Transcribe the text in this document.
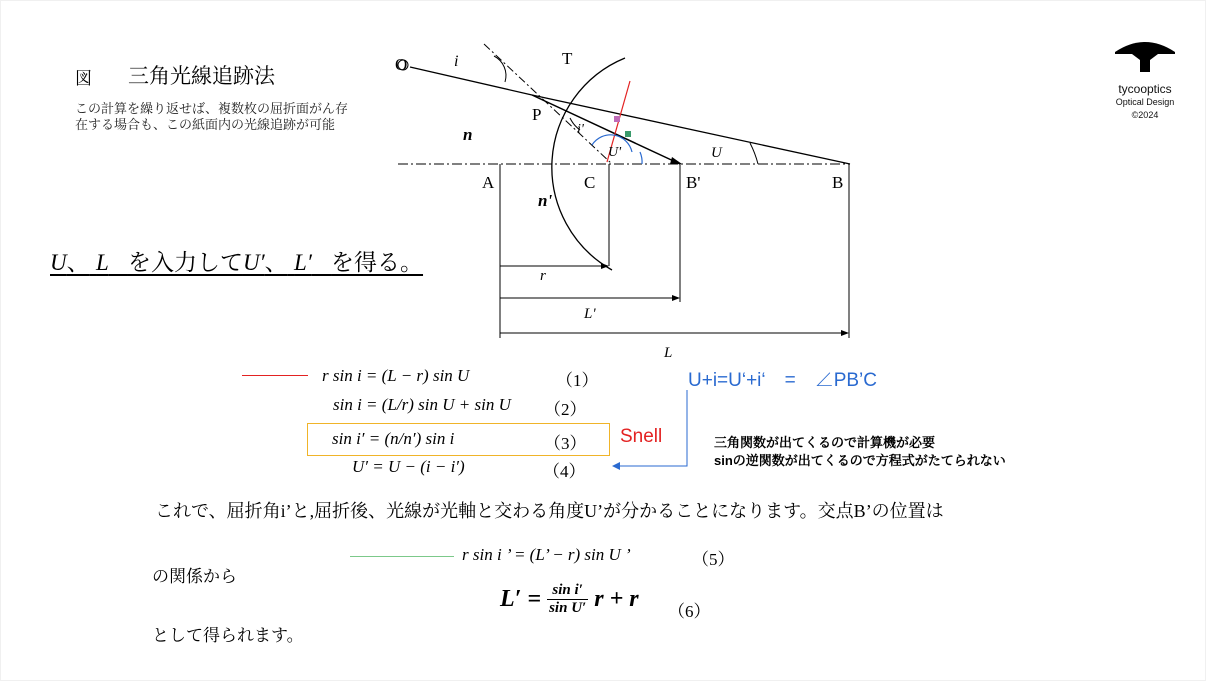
図 三角光線追跡法
この計算を繰り返せば、複数枚の屈折面がん存
在する場合も、この紙面内の光線追跡が可能
U、 L を入力してU′、 L′ を得る。
O	i	T
P
i'
n
n'
A	C	B'	B
U
U'
r
L'
L
r sin i = (L − r) sin U	（1）
sin i = (L/r) sin U + sin U （2）
sin i′ = (n/n′) sin i	（3）
U′ = U − (i − i′)	（4）
Snell
U+i=U‘+i‘　=　∠PB’C
三角関数が出てくるので計算機が必要
sinの逆関数が出てくるので方程式がたてられない
これで、屈折角i’と,屈折後、光線が光軸と交わる角度U’が分かることになります。交点B’の位置は
の関係から
r sin i ’ = (L’ − r) sin U ’	（5）
$L' = \frac{\text{sin i′}}{\text{sin U′}}$ r + r （6）
として得られます。
tycooptics
Optical Design
©2024
